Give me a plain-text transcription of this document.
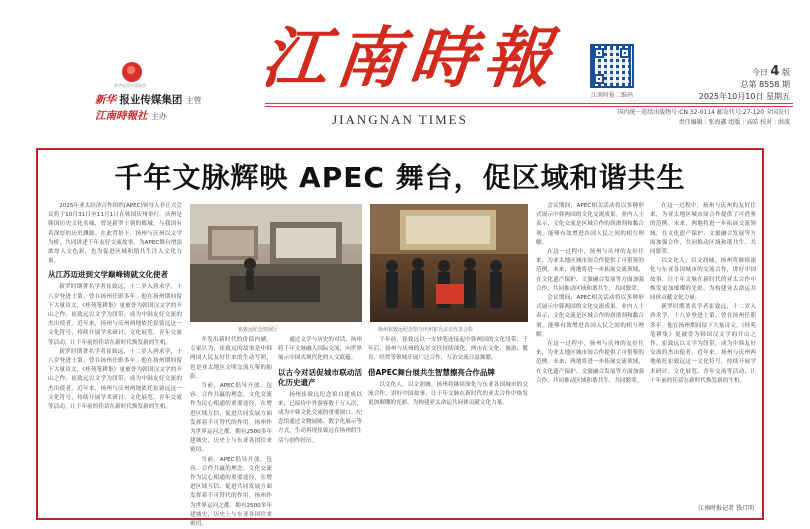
新华报业传媒集团
新华 报业传媒集团 主管
江南時報社 主办
江南時報
JIANGNAN TIMES
江南时报二维码
今日 4 版
总第 8558 期
2025年10月10日 星期五
国内统一连续出版物号:CN 32-0114 邮发代号:27-120 全国发行
责任编辑 : 张海鑫 组版 : 高皓 校对 : 洪波
千年文脉辉映 APEC 舞台，促区域和谐共生

2025年亚太经济合作组织(APEC)领导人非正式会议将于10月31日至11月1日在韩国庆州举行。庆州是韩国历史文化名城，曾是新罗王朝的都城，与我国有着深厚的历史渊源。在此背景下，扬州与庆州以文学为桥，共同讲述千年友好交流故事，为APEC舞台增添浓厚人文色彩，也为促进区域和谐共生注入文化力量。

从江苏迈进到文学巅峰铸就文化使者

新罗时期著名学者崔致远，十二岁入唐求学，十八岁登进士第，曾在扬州任职多年。他在扬州期间留下大量诗文，《桂苑笔耕集》更被誉为韩国汉文学的开山之作。崔致远以文学为纽带，成为中韩友好交流的杰出使者。近年来，扬州与庆州两地依托崔致远这一文化符号，持续开展学术研讨、文化展览、青年交流等活动，让千年前的佳话在新时代焕发新的生机。

新罗时期著名学者崔致远，十二岁入唐求学，十八岁登进士第，曾在扬州任职多年。他在扬州期间留下大量诗文，《桂苑笔耕集》更被誉为韩国汉文学的开山之作。崔致远以文学为纽带，成为中韩友好交流的杰出使者。近年来，扬州与庆州两地依托崔致远这一文化符号，持续开展学术研讨、文化展览、青年交流等活动，让千年前的佳话在新时代焕发新的生机。

崔致远纪念馆展厅	扬州崔致远纪念馆与庆州崔氏宗亲代表合影

开发出新时代的价值内涵。专家认为，崔致远的故事是中韩两国人民友好往来的生动写照，也是亚太地区文明交流互鉴的缩影。

当前，APEC倡导开放、包容、合作共赢的理念。文化交流作为民心相通的重要途径，在增进区域互信、促进共同发展方面发挥着不可替代的作用。扬州作为世界运河之都，拥有2500多年建城史，历史上与东亚各国往来密切。

当前，APEC倡导开放、包容、合作共赢的理念。文化交流作为民心相通的重要途径，在增进区域互信、促进共同发展方面发挥着不可替代的作用。扬州作为世界运河之都，拥有2500多年建城史，历史上与东亚各国往来密切。

通过文学与历史的对话，扬州将千年文脉融入国际交流，向世界展示中国式现代化的人文底蕴。

以古今对话促城市联动活化历史遗产

扬州崔致远纪念馆自建成以来，已接待中外游客数十万人次，成为中韩文化交流的重要窗口。纪念馆通过文物展陈、数字化展示等方式，生动再现崔致远在扬州的生活与创作经历。

千年前，崔致远以一支妙笔连接起中韩两国的文化纽带；千年后，扬州与庆州的友好交往持续深化。两市在文化、旅游、教育、经贸等领域开展广泛合作，互访交流日益频繁。

借APEC舞台展共生智慧擦亮合作品牌

以文化人，以文润城。扬州将继续深化与东亚各国城市的交流合作，讲好中国故事，让千年文脉在新时代的亚太合作中焕发更加璀璨的光彩，为构建亚太命运共同体贡献文化力量。

会议期间，APEC相关活动将以多种形式展示中韩两国的文化交流成果。业内人士表示，文化交流是区域合作的润滑剂和黏合剂，能够有效增进各国人民之间的相互理解。

在这一过程中，扬州与庆州的友好往来，为亚太地区城市间合作提供了可借鉴的范例。未来，两地将进一步拓展交流领域，在文化遗产保护、文旅融合发展等方面加强合作，共同推动区域和谐共生、共同繁荣。

会议期间，APEC相关活动将以多种形式展示中韩两国的文化交流成果。业内人士表示，文化交流是区域合作的润滑剂和黏合剂，能够有效增进各国人民之间的相互理解。

在这一过程中，扬州与庆州的友好往来，为亚太地区城市间合作提供了可借鉴的范例。未来，两地将进一步拓展交流领域，在文化遗产保护、文旅融合发展等方面加强合作，共同推动区域和谐共生、共同繁荣。

在这一过程中，扬州与庆州的友好往来，为亚太地区城市间合作提供了可借鉴的范例。未来，两地将进一步拓展交流领域，在文化遗产保护、文旅融合发展等方面加强合作，共同推动区域和谐共生、共同繁荣。

以文化人，以文润城。扬州将继续深化与东亚各国城市的交流合作，讲好中国故事，让千年文脉在新时代的亚太合作中焕发更加璀璨的光彩，为构建亚太命运共同体贡献文化力量。

新罗时期著名学者崔致远，十二岁入唐求学，十八岁登进士第，曾在扬州任职多年。他在扬州期间留下大量诗文，《桂苑笔耕集》更被誉为韩国汉文学的开山之作。崔致远以文学为纽带，成为中韩友好交流的杰出使者。近年来，扬州与庆州两地依托崔致远这一文化符号，持续开展学术研讨、文化展览、青年交流等活动，让千年前的佳话在新时代焕发新的生机。

江南时报记者 钱月明
